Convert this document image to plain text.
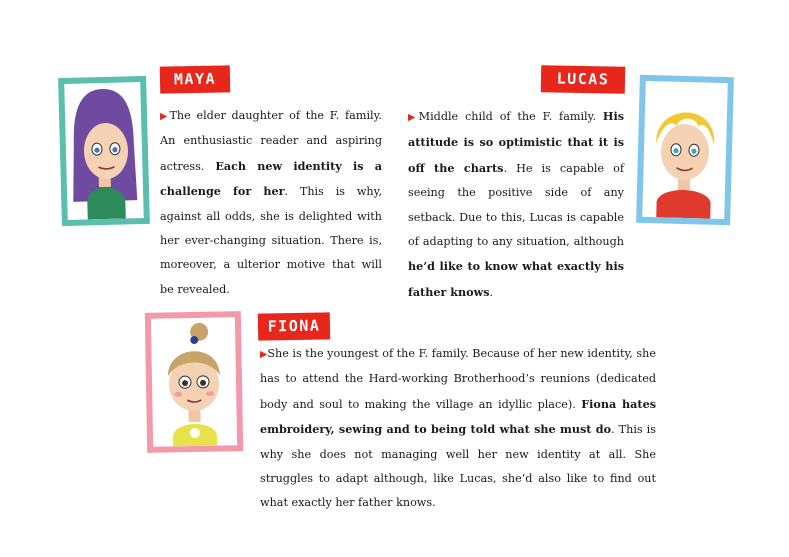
MAYA

▶The elder daughter of the F. family. An enthusiastic reader and aspiring actress. Each new identity is a challenge for her. This is why, against all odds, she is delighted with her ever-changing situation. There is, moreover, a ulterior motive that will be revealed.

LUCAS

▶Middle child of the F. family. His attitude is so optimistic that it is off the charts. He is capable of seeing the positive side of any setback. Due to this, Lucas is capable of adapting to any situation, although he’d like to know what exactly his father knows.

FIONA

▶She is the youngest of the F. family. Because of her new identity, she has to attend the Hard-working Brotherhood’s reunions (dedicated body and soul to making the village an idyllic place). Fiona hates embroidery, sewing and to being told what she must do. This is why she does not managing well her new identity at all. She struggles to adapt although, like Lucas, she’d also like to find out what exactly her father knows.
